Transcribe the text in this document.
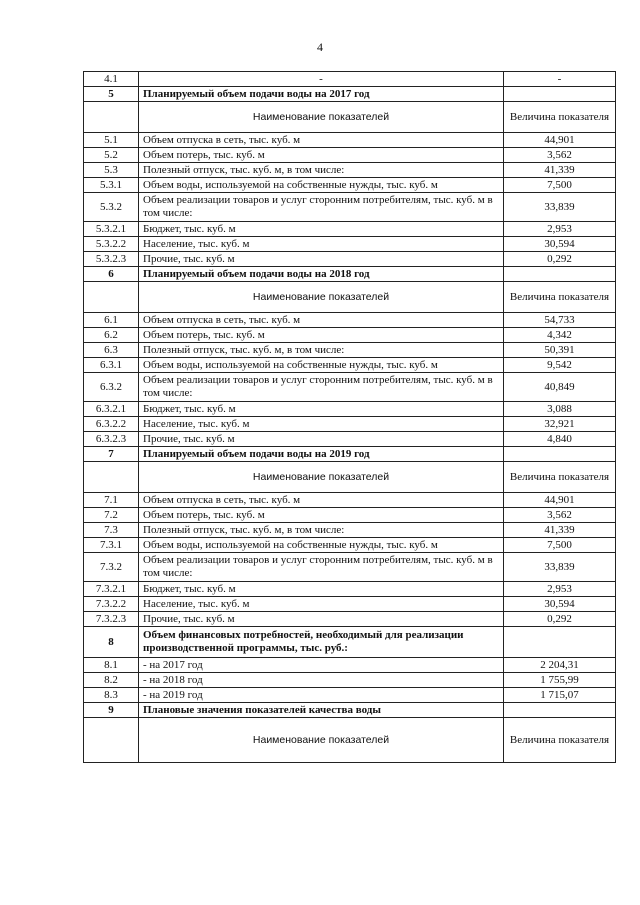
4
4.1	-	-
5	Планируемый объем подачи воды на 2017 год	
	Наименование показателей	Величина показателя
5.1	Объем отпуска в сеть, тыс. куб. м	44,901
5.2	Объем потерь, тыс. куб. м	3,562
5.3	Полезный отпуск, тыс. куб. м, в том числе:	41,339
5.3.1	Объем воды, используемой на собственные нужды, тыс. куб. м	7,500
5.3.2	Объем реализации товаров и услуг сторонним потребителям, тыс. куб. м в том числе:	33,839
5.3.2.1	Бюджет, тыс. куб. м	2,953
5.3.2.2	Население, тыс. куб. м	30,594
5.3.2.3	Прочие, тыс. куб. м	0,292
6	Планируемый объем подачи воды на 2018 год	
	Наименование показателей	Величина показателя
6.1	Объем отпуска в сеть, тыс. куб. м	54,733
6.2	Объем потерь, тыс. куб. м	4,342
6.3	Полезный отпуск, тыс. куб. м, в том числе:	50,391
6.3.1	Объем воды, используемой на собственные нужды, тыс. куб. м	9,542
6.3.2	Объем реализации товаров и услуг сторонним потребителям, тыс. куб. м в том числе:	40,849
6.3.2.1	Бюджет, тыс. куб. м	3,088
6.3.2.2	Население, тыс. куб. м	32,921
6.3.2.3	Прочие, тыс. куб. м	4,840
7	Планируемый объем подачи воды на 2019 год	
	Наименование показателей	Величина показателя
7.1	Объем отпуска в сеть, тыс. куб. м	44,901
7.2	Объем потерь, тыс. куб. м	3,562
7.3	Полезный отпуск, тыс. куб. м, в том числе:	41,339
7.3.1	Объем воды, используемой на собственные нужды, тыс. куб. м	7,500
7.3.2	Объем реализации товаров и услуг сторонним потребителям, тыс. куб. м в том числе:	33,839
7.3.2.1	Бюджет, тыс. куб. м	2,953
7.3.2.2	Население, тыс. куб. м	30,594
7.3.2.3	Прочие, тыс. куб. м	0,292
8	Объем финансовых потребностей, необходимый для реализации производственной программы, тыс. руб.:	
8.1	- на 2017 год	2 204,31
8.2	- на 2018 год	1 755,99
8.3	- на 2019 год	1 715,07
9	Плановые значения показателей качества воды	
	Наименование показателей	Величина показателя
